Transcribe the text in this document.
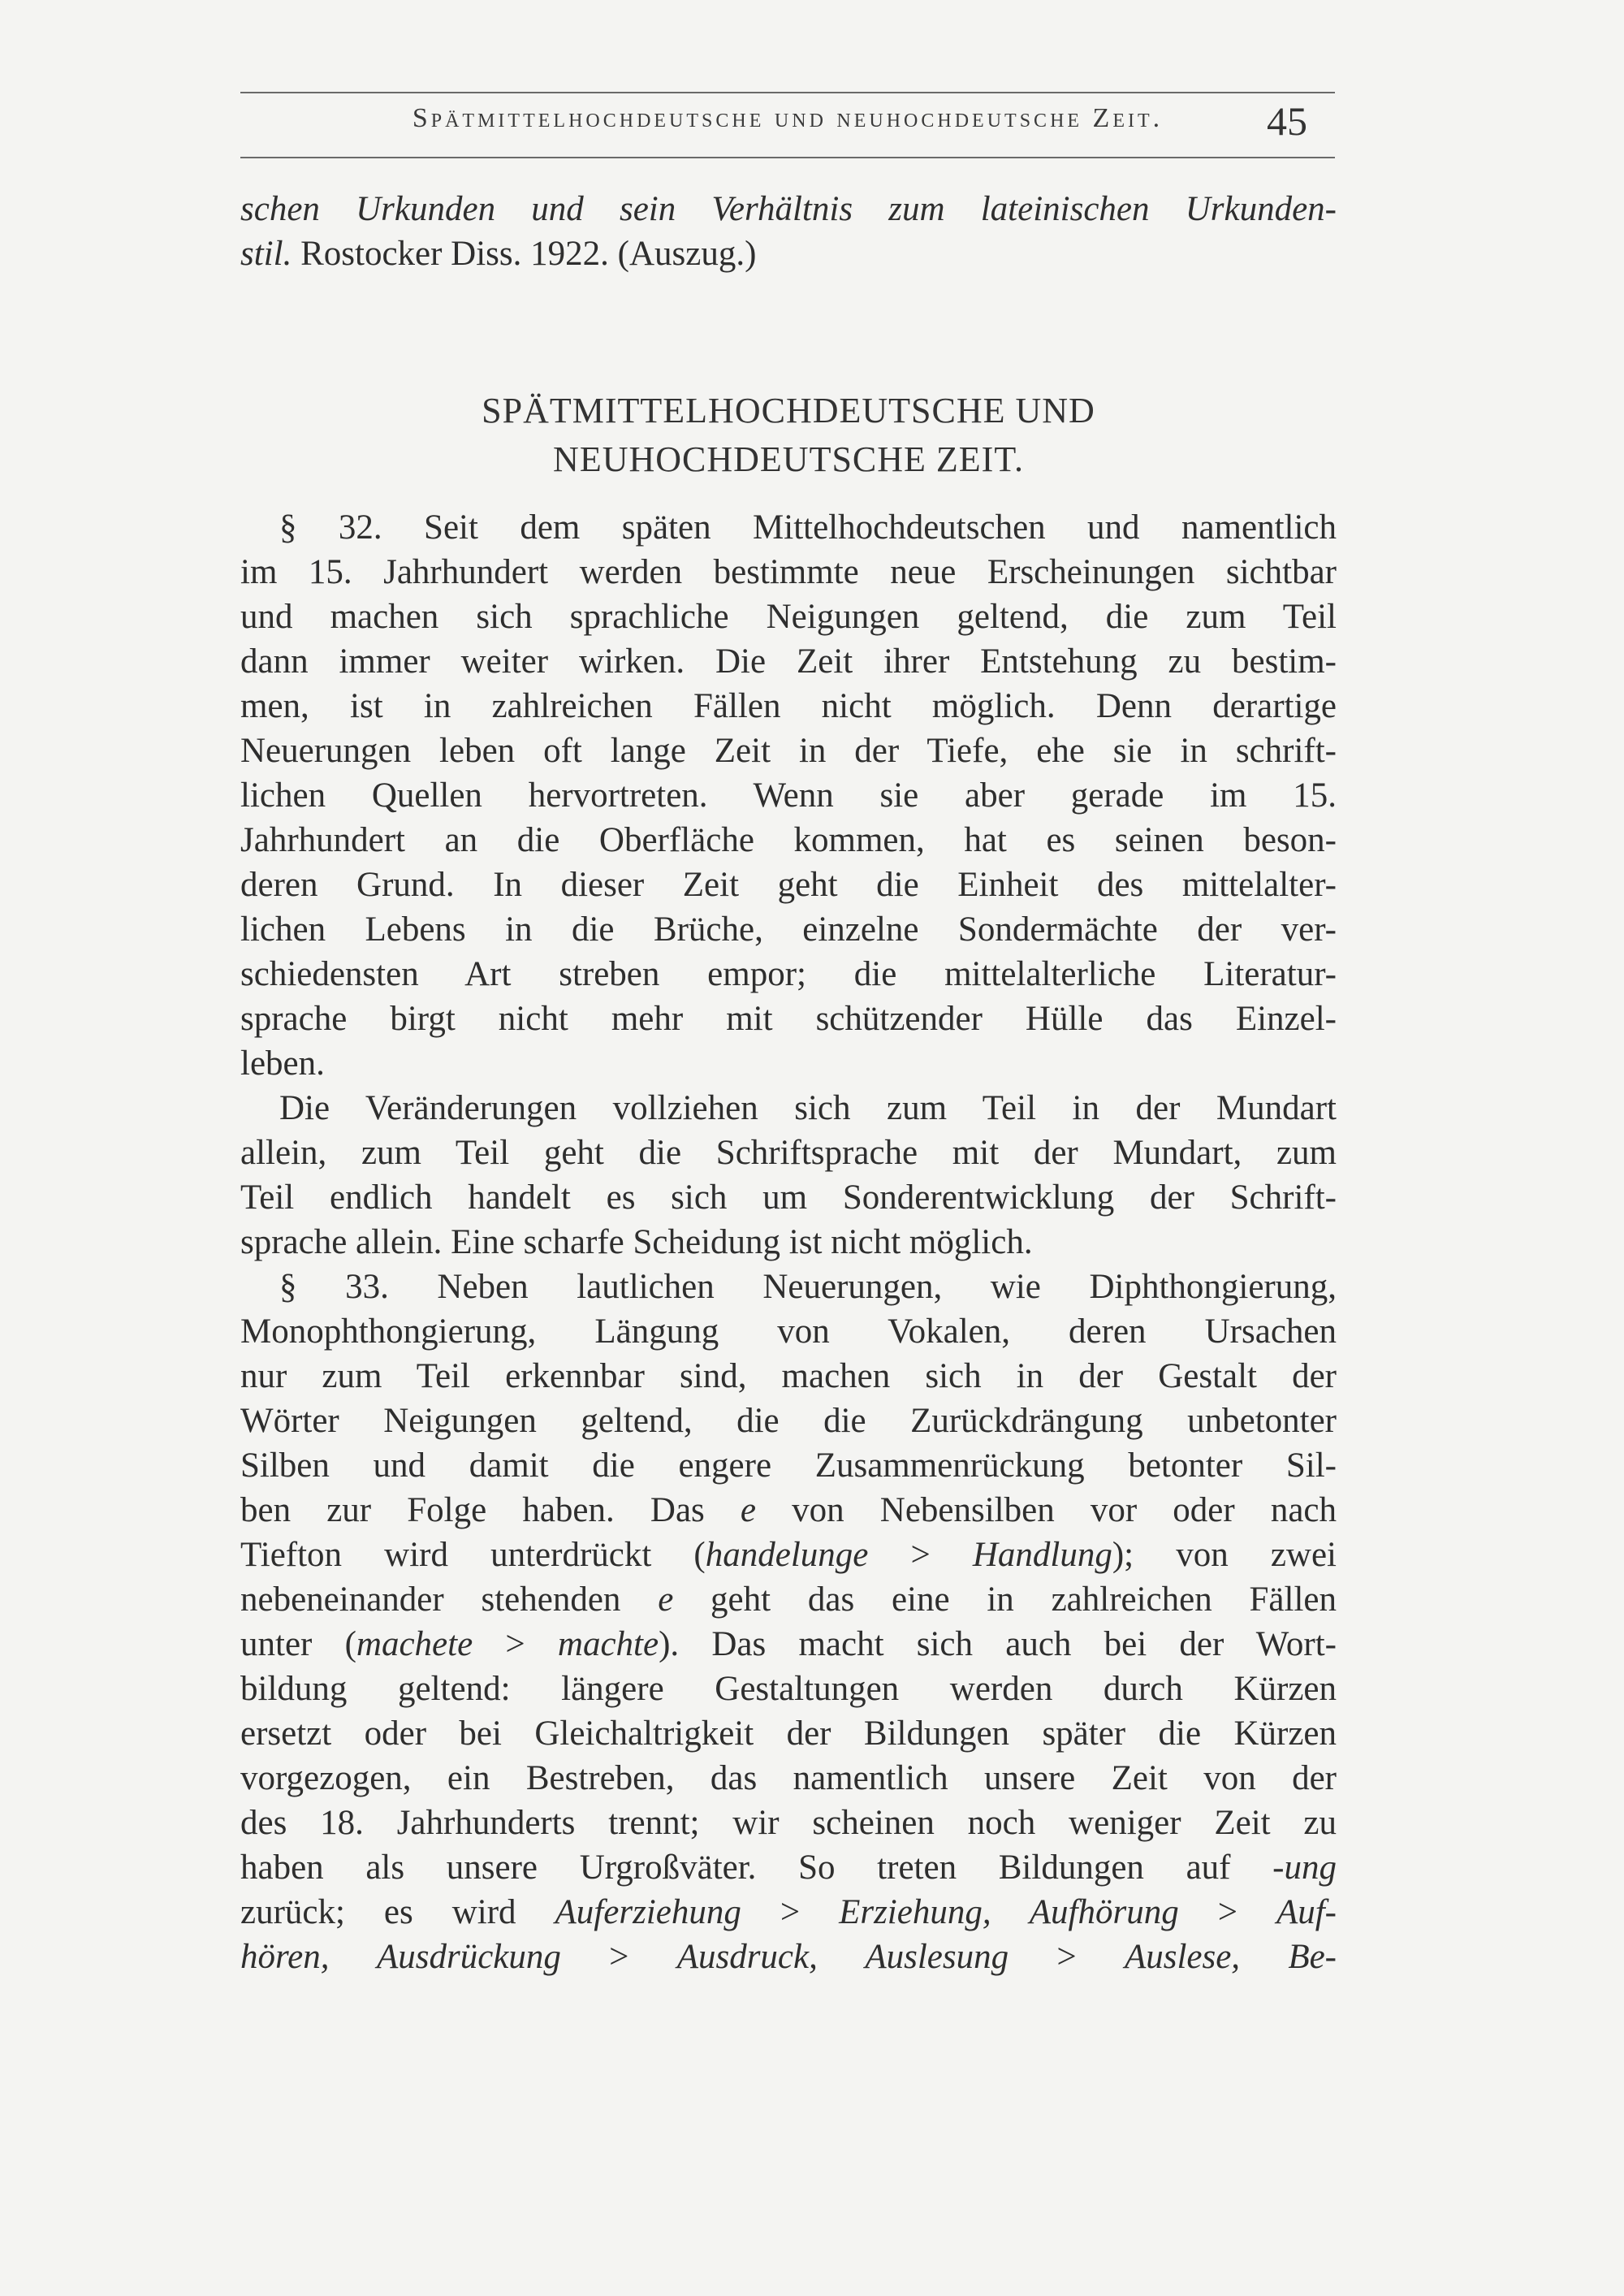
Spätmittelhochdeutsche und neuhochdeutsche Zeit.	45
schen Urkunden und sein Verhältnis zum lateinischen Urkunden-
stil. Rostocker Diss. 1922. (Auszug.)
SPÄTMITTELHOCHDEUTSCHE UND
NEUHOCHDEUTSCHE ZEIT.
§ 32. Seit dem späten Mittelhochdeutschen und namentlich
im 15. Jahrhundert werden bestimmte neue Erscheinungen sichtbar
und machen sich sprachliche Neigungen geltend, die zum Teil
dann immer weiter wirken. Die Zeit ihrer Entstehung zu bestim-
men, ist in zahlreichen Fällen nicht möglich. Denn derartige
Neuerungen leben oft lange Zeit in der Tiefe, ehe sie in schrift-
lichen Quellen hervortreten. Wenn sie aber gerade im 15.
Jahrhundert an die Oberfläche kommen, hat es seinen beson-
deren Grund. In dieser Zeit geht die Einheit des mittelalter-
lichen Lebens in die Brüche, einzelne Sondermächte der ver-
schiedensten Art streben empor; die mittelalterliche Literatur-
sprache birgt nicht mehr mit schützender Hülle das Einzel-
leben.
Die Veränderungen vollziehen sich zum Teil in der Mundart
allein, zum Teil geht die Schriftsprache mit der Mundart, zum
Teil endlich handelt es sich um Sonderentwicklung der Schrift-
sprache allein. Eine scharfe Scheidung ist nicht möglich.
§ 33. Neben lautlichen Neuerungen, wie Diphthongierung,
Monophthongierung, Längung von Vokalen, deren Ursachen
nur zum Teil erkennbar sind, machen sich in der Gestalt der
Wörter Neigungen geltend, die die Zurückdrängung unbetonter
Silben und damit die engere Zusammenrückung betonter Sil-
ben zur Folge haben. Das e von Nebensilben vor oder nach
Tiefton wird unterdrückt (handelunge > Handlung); von zwei
nebeneinander stehenden e geht das eine in zahlreichen Fällen
unter (machete > machte). Das macht sich auch bei der Wort-
bildung geltend: längere Gestaltungen werden durch Kürzen
ersetzt oder bei Gleichaltrigkeit der Bildungen später die Kürzen
vorgezogen, ein Bestreben, das namentlich unsere Zeit von der
des 18. Jahrhunderts trennt; wir scheinen noch weniger Zeit zu
haben als unsere Urgroßväter. So treten Bildungen auf -ung
zurück; es wird Auferziehung > Erziehung, Aufhörung > Auf-
hören, Ausdrückung > Ausdruck, Auslesung > Auslese, Be-
